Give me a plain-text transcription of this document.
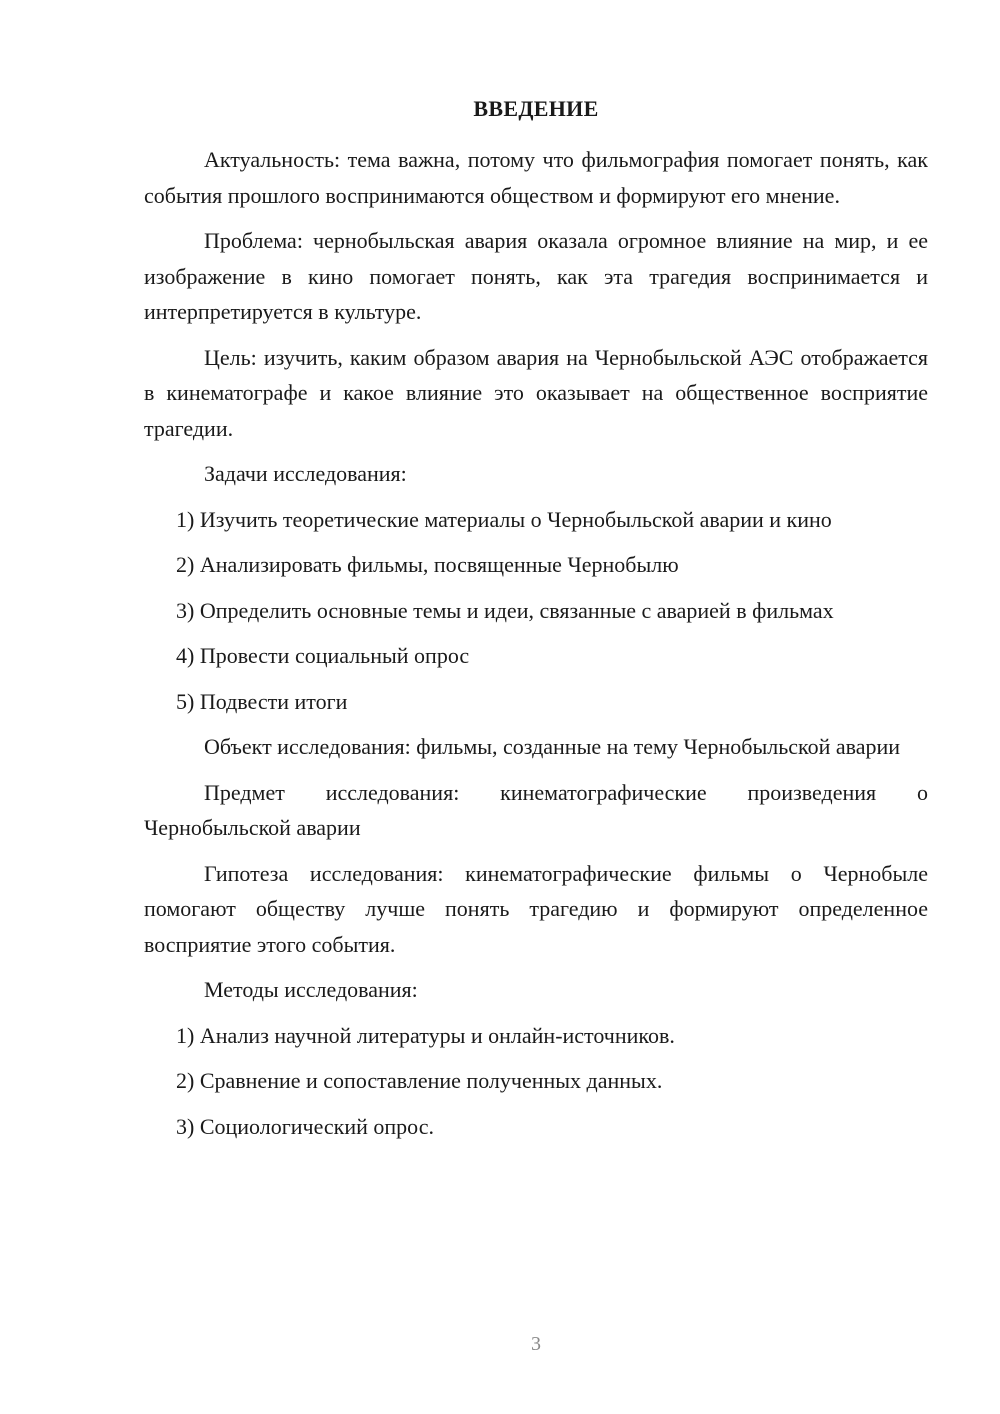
ВВЕДЕНИЕ

Актуальность: тема важна, потому что фильмография помогает понять, как события прошлого воспринимаются обществом и формируют его мнение.

Проблема: чернобыльская авария оказала огромное влияние на мир, и ее изображение в кино помогает понять, как эта трагедия воспринимается и интерпретируется в культуре.

Цель: изучить, каким образом авария на Чернобыльской АЭС отображается в кинематографе и какое влияние это оказывает на общественное восприятие трагедии.

Задачи исследования:

1) Изучить теоретические материалы о Чернобыльской аварии и кино
2) Анализировать фильмы, посвященные Чернобылю
3) Определить основные темы и идеи, связанные с аварией в фильмах
4) Провести социальный опрос
5) Подвести итоги

Объект исследования: фильмы, созданные на тему Чернобыльской аварии

Предмет исследования: кинематографические произведения о Чернобыльской аварии

Гипотеза исследования: кинематографические фильмы о Чернобыле помогают обществу лучше понять трагедию и формируют определенное восприятие этого события.

Методы исследования:

1) Анализ научной литературы и онлайн-источников.
2) Сравнение и сопоставление полученных данных.
3) Социологический опрос.
3
